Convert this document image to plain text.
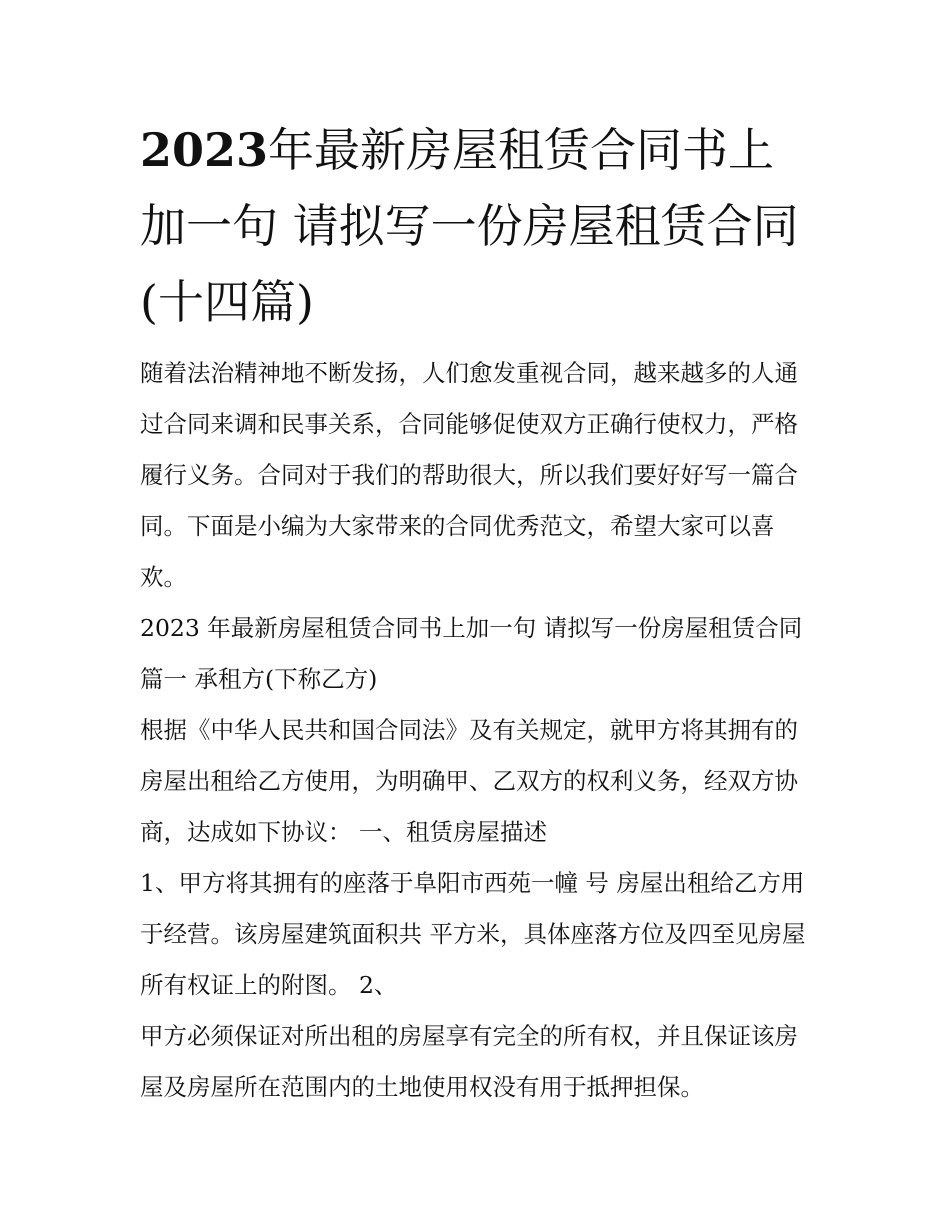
2023年最新房屋租赁合同书上加一句 请拟写一份房屋租赁合同(十四篇)

随着法治精神地不断发扬，人们愈发重视合同，越来越多的人通过合同来调和民事关系，合同能够促使双方正确行使权力，严格履行义务。合同对于我们的帮助很大，所以我们要好好写一篇合同。下面是小编为大家带来的合同优秀范文，希望大家可以喜欢。

2023 年最新房屋租赁合同书上加一句 请拟写一份房屋租赁合同篇一 承租方(下称乙方)

根据《中华人民共和国合同法》及有关规定，就甲方将其拥有的房屋出租给乙方使用，为明确甲、乙双方的权利义务，经双方协商，达成如下协议： 一、租赁房屋描述

1、甲方将其拥有的座落于阜阳市西苑一幢 号 房屋出租给乙方用于经营。该房屋建筑面积共 平方米，具体座落方位及四至见房屋所有权证上的附图。 2、

甲方必须保证对所出租的房屋享有完全的所有权，并且保证该房屋及房屋所在范围内的土地使用权没有用于抵押担保。
